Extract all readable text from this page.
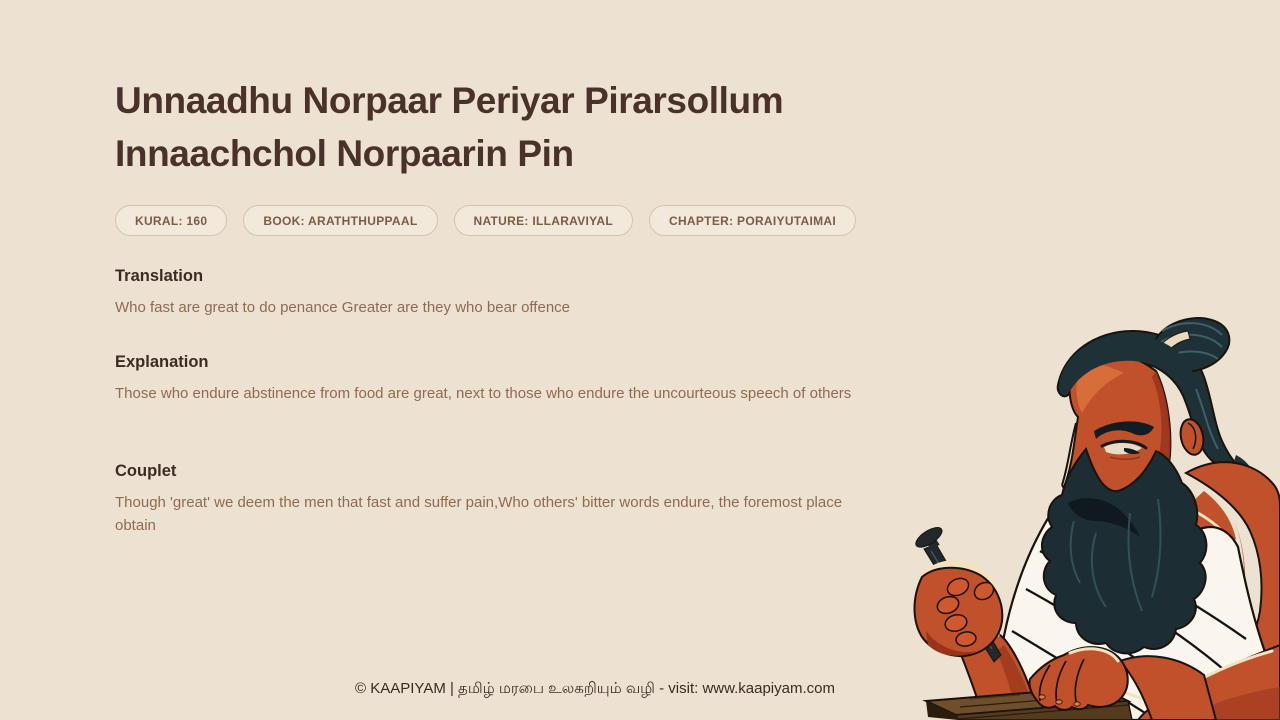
Unnaadhu Norpaar Periyar Pirarsollum
Innaachchol Norpaarin Pin
KURAL: 160	BOOK: ARATHTHUPPAAL	NATURE: ILLARAVIYAL	CHAPTER: PORAIYUTAIMAI
Translation

Who fast are great to do penance Greater are they who bear offence

Explanation

Those who endure abstinence from food are great, next to those who endure the uncourteous speech of others

Couplet

Though 'great' we deem the men that fast and suffer pain,Who others' bitter words endure, the foremost place obtain

© KAAPIYAM | தமிழ் மரபை உலகறியும் வழி - visit: www.kaapiyam.com
